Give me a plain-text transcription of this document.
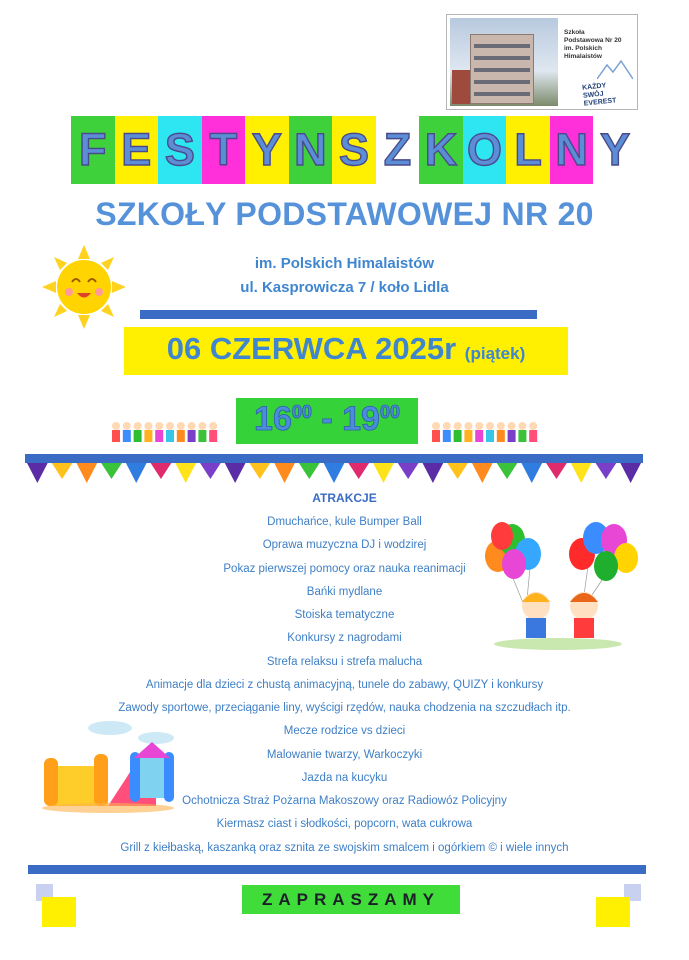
Szkoła
Podstawowa Nr 20
im. Polskich
Himalaistów
KAŻDY
SWÓJ
EVEREST
F E S T Y N S Z K O L N Y
SZKOŁY PODSTAWOWEJ NR 20
im. Polskich Himalaistów
ul. Kasprowicza 7 / koło Lidla
06 CZERWCA 2025r (piątek)
$16^{00} - 19^{00}$
ATRAKCJE
Dmuchańce, kule Bumper Ball
Oprawa muzyczna DJ i wodzirej
Pokaz pierwszej pomocy oraz nauka reanimacji
Bańki mydlane
Stoiska tematyczne
Konkursy z nagrodami
Strefa relaksu i strefa malucha
Animacje dla dzieci z chustą animacyjną, tunele do zabawy, QUIZY i konkursy
Zawody sportowe, przeciąganie liny, wyścigi rzędów, nauka chodzenia na szczudłach itp.
Mecze rodzice vs dzieci
Malowanie twarzy, Warkoczyki
Jazda na kucyku
Ochotnicza Straż Pożarna Makoszowy oraz Radiowóz Policyjny
Kiermasz ciast i słodkości, popcorn, wata cukrowa
Grill z kiełbaską, kaszanką oraz sznita ze swojskim smalcem i ogórkiem © i wiele innych
ZAPRASZAMY
